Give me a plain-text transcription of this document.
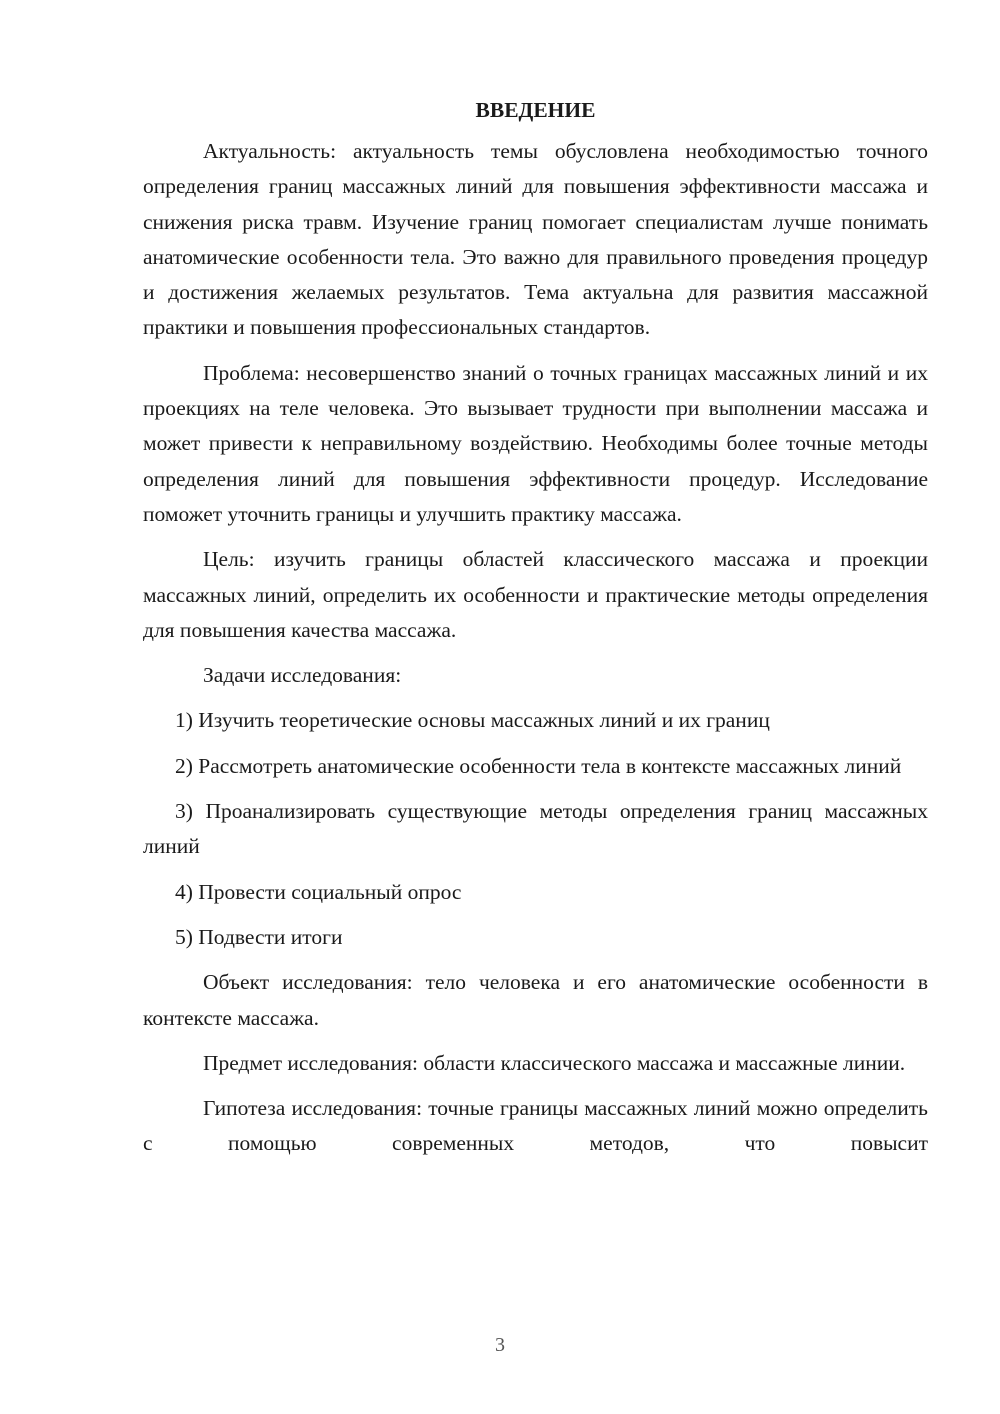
ВВЕДЕНИЕ

Актуальность: актуальность темы обусловлена необходимостью точного определения границ массажных линий для повышения эффективности массажа и снижения риска травм. Изучение границ помогает специалистам лучше понимать анатомические особенности тела. Это важно для правильного проведения процедур и достижения желаемых результатов. Тема актуальна для развития массажной практики и повышения профессиональных стандартов.

Проблема: несовершенство знаний о точных границах массажных линий и их проекциях на теле человека. Это вызывает трудности при выполнении массажа и может привести к неправильному воздействию. Необходимы более точные методы определения линий для повышения эффективности процедур. Исследование поможет уточнить границы и улучшить практику массажа.

Цель: изучить границы областей классического массажа и проекции массажных линий, определить их особенности и практические методы определения для повышения качества массажа.

Задачи исследования:

1) Изучить теоретические основы массажных линий и их границ

2) Рассмотреть анатомические особенности тела в контексте массажных линий

3) Проанализировать существующие методы определения границ массажных линий

4) Провести социальный опрос

5) Подвести итоги

Объект исследования: тело человека и его анатомические особенности в контексте массажа.

Предмет исследования: области классического массажа и массажные линии.

Гипотеза исследования: точные границы массажных линий можно определить с помощью современных методов, что повысит

3
